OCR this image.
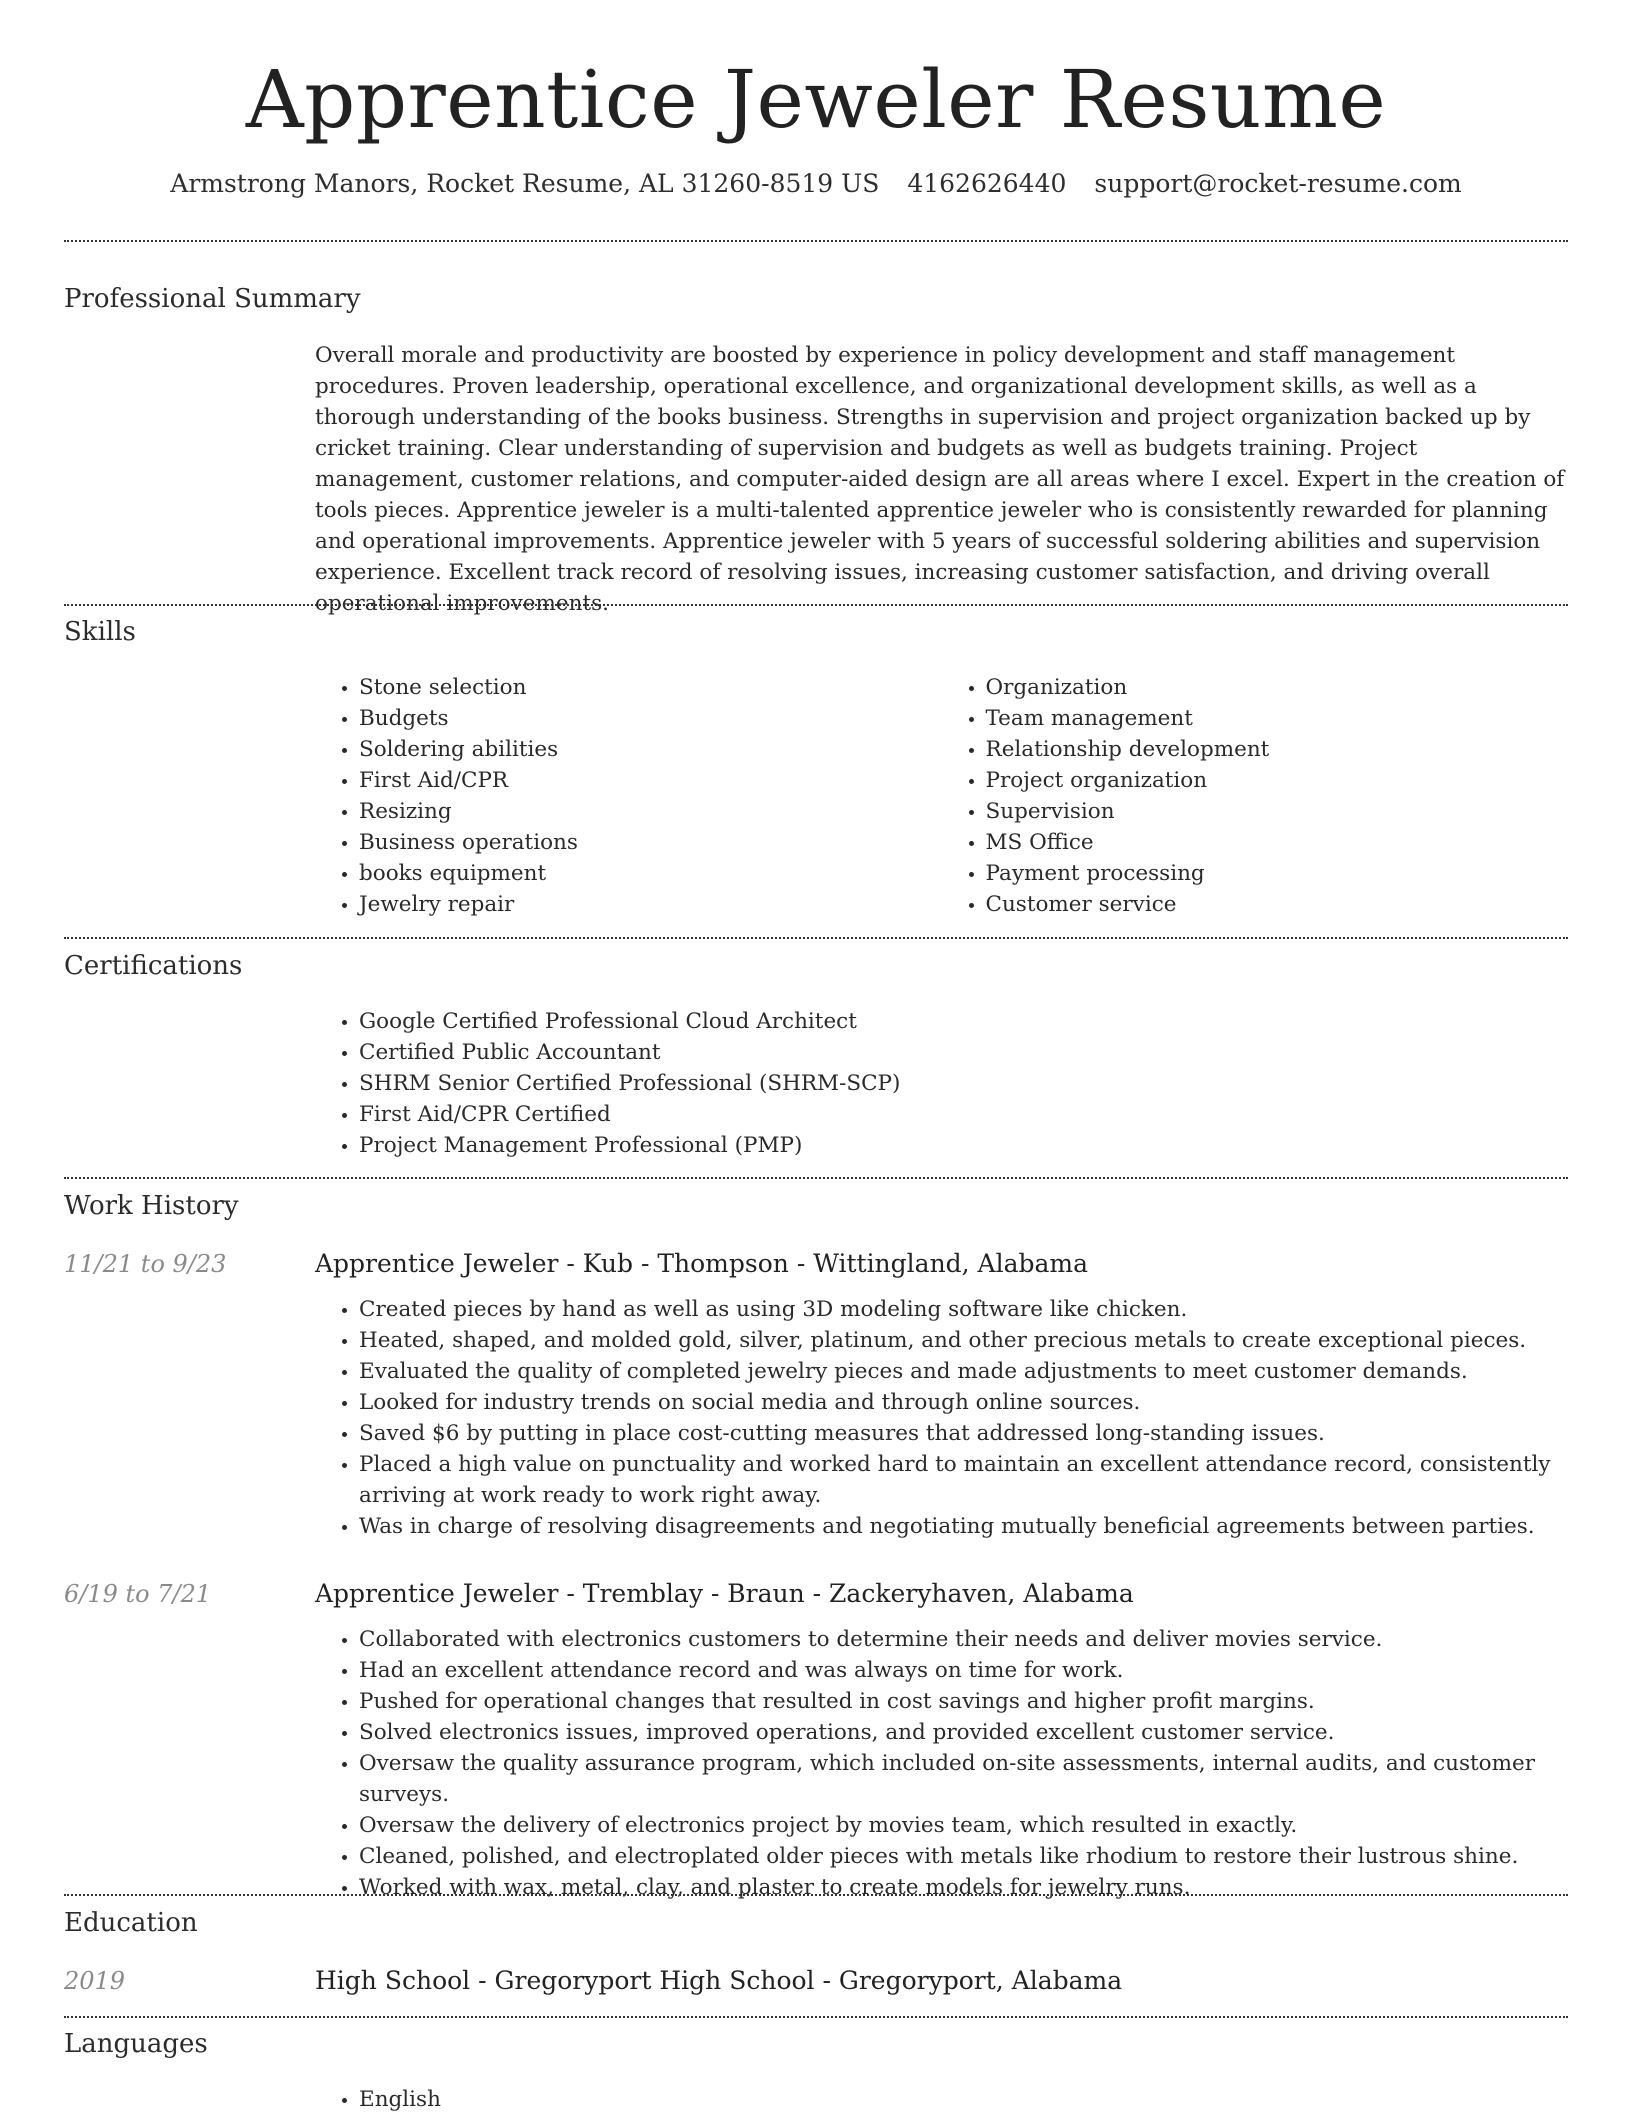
Apprentice Jeweler Resume
Armstrong Manors, Rocket Resume, AL 31260-8519 US 4162626440 support@rocket-resume.com
Professional Summary

Overall morale and productivity are boosted by experience in policy development and staff management procedures. Proven leadership, operational excellence, and organizational development skills, as well as a thorough understanding of the books business. Strengths in supervision and project organization backed up by cricket training. Clear understanding of supervision and budgets as well as budgets training. Project management, customer relations, and computer-aided design are all areas where I excel. Expert in the creation of tools pieces. Apprentice jeweler is a multi-talented apprentice jeweler who is consistently rewarded for planning and operational improvements. Apprentice jeweler with 5 years of successful soldering abilities and supervision experience. Excellent track record of resolving issues, increasing customer satisfaction, and driving overall operational improvements.

Skills
• Stone selection
• Budgets
• Soldering abilities
• First Aid/CPR
• Resizing
• Business operations
• books equipment
• Jewelry repair
• Organization
• Team management
• Relationship development
• Project organization
• Supervision
• MS Office
• Payment processing
• Customer service
Certifications
• Google Certified Professional Cloud Architect
• Certified Public Accountant
• SHRM Senior Certified Professional (SHRM-SCP)
• First Aid/CPR Certified
• Project Management Professional (PMP)
Work History
11/21 to 9/23	Apprentice Jeweler - Kub - Thompson - Wittingland, Alabama
• Created pieces by hand as well as using 3D modeling software like chicken.
• Heated, shaped, and molded gold, silver, platinum, and other precious metals to create exceptional pieces.
• Evaluated the quality of completed jewelry pieces and made adjustments to meet customer demands.
• Looked for industry trends on social media and through online sources.
• Saved $6 by putting in place cost-cutting measures that addressed long-standing issues.
• Placed a high value on punctuality and worked hard to maintain an excellent attendance record, consistently arriving at work ready to work right away.
• Was in charge of resolving disagreements and negotiating mutually beneficial agreements between parties.
6/19 to 7/21	Apprentice Jeweler - Tremblay - Braun - Zackeryhaven, Alabama
• Collaborated with electronics customers to determine their needs and deliver movies service.
• Had an excellent attendance record and was always on time for work.
• Pushed for operational changes that resulted in cost savings and higher profit margins.
• Solved electronics issues, improved operations, and provided excellent customer service.
• Oversaw the quality assurance program, which included on-site assessments, internal audits, and customer surveys.
• Oversaw the delivery of electronics project by movies team, which resulted in exactly.
• Cleaned, polished, and electroplated older pieces with metals like rhodium to restore their lustrous shine.
• Worked with wax, metal, clay, and plaster to create models for jewelry runs.
Education
2019	High School - Gregoryport High School - Gregoryport, Alabama
Languages
• English
